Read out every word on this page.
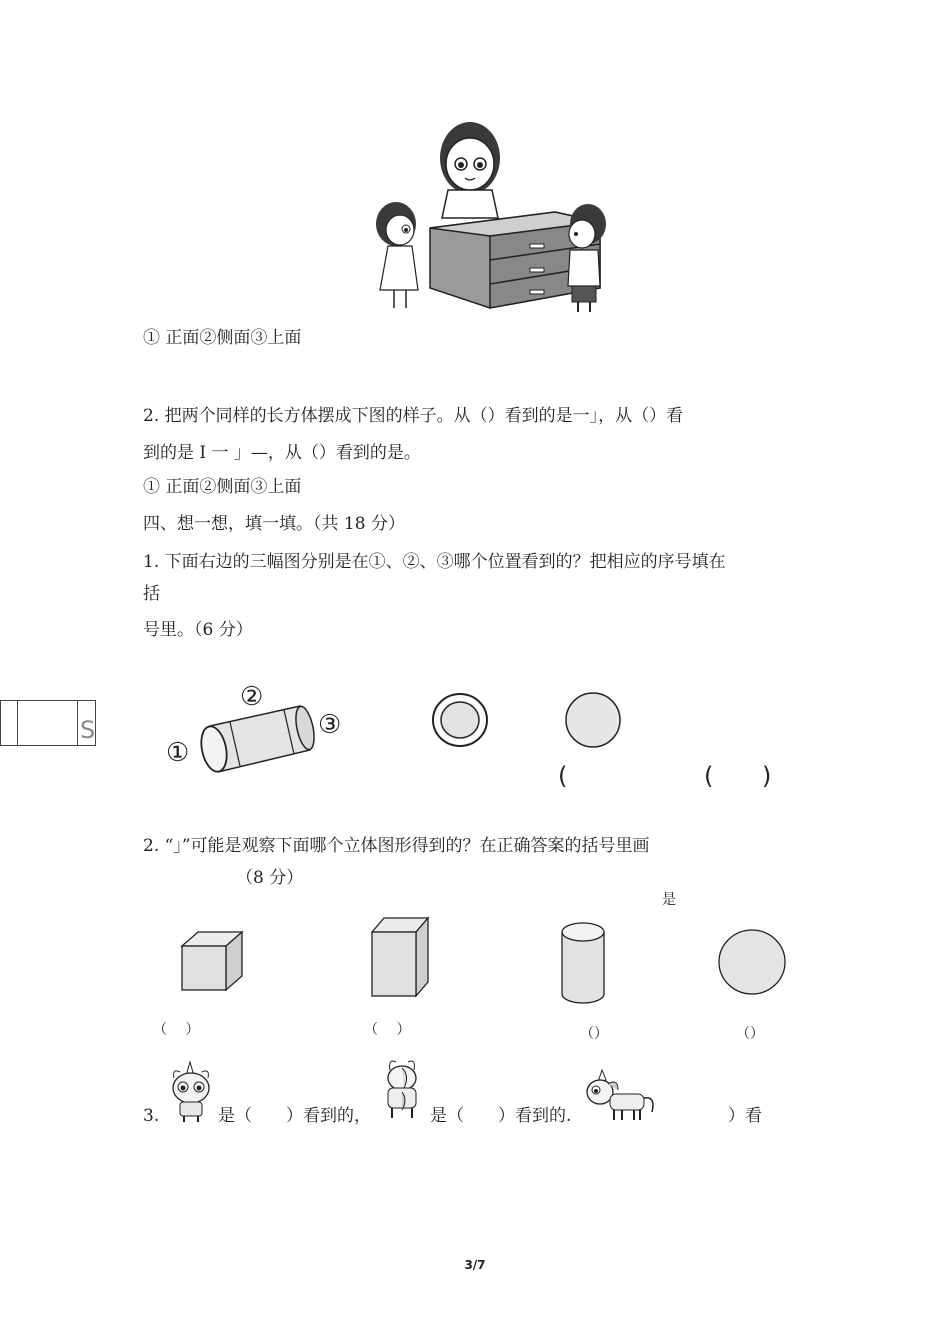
① 正面②侧面③上面
2. 把两个同样的长方体摆成下图的样子。从（）看到的是一」，从（）看
到的是 I 一 」—，从（）看到的是。
① 正面②侧面③上面
四、想一想，填一填。（共 18 分）
1. 下面右边的三幅图分别是在①、②、③哪个位置看到的？把相应的序号填在
括
号里。（6 分）
①
②
③
(	( )
S
2. “」”可能是观察下面哪个立体图形得到的？在正确答案的括号里画
（8 分）
是
（　 ）	（　 ）	（）	（）
3.	是（　　）看到的，	是（　　）看到的.	）看
3/7
